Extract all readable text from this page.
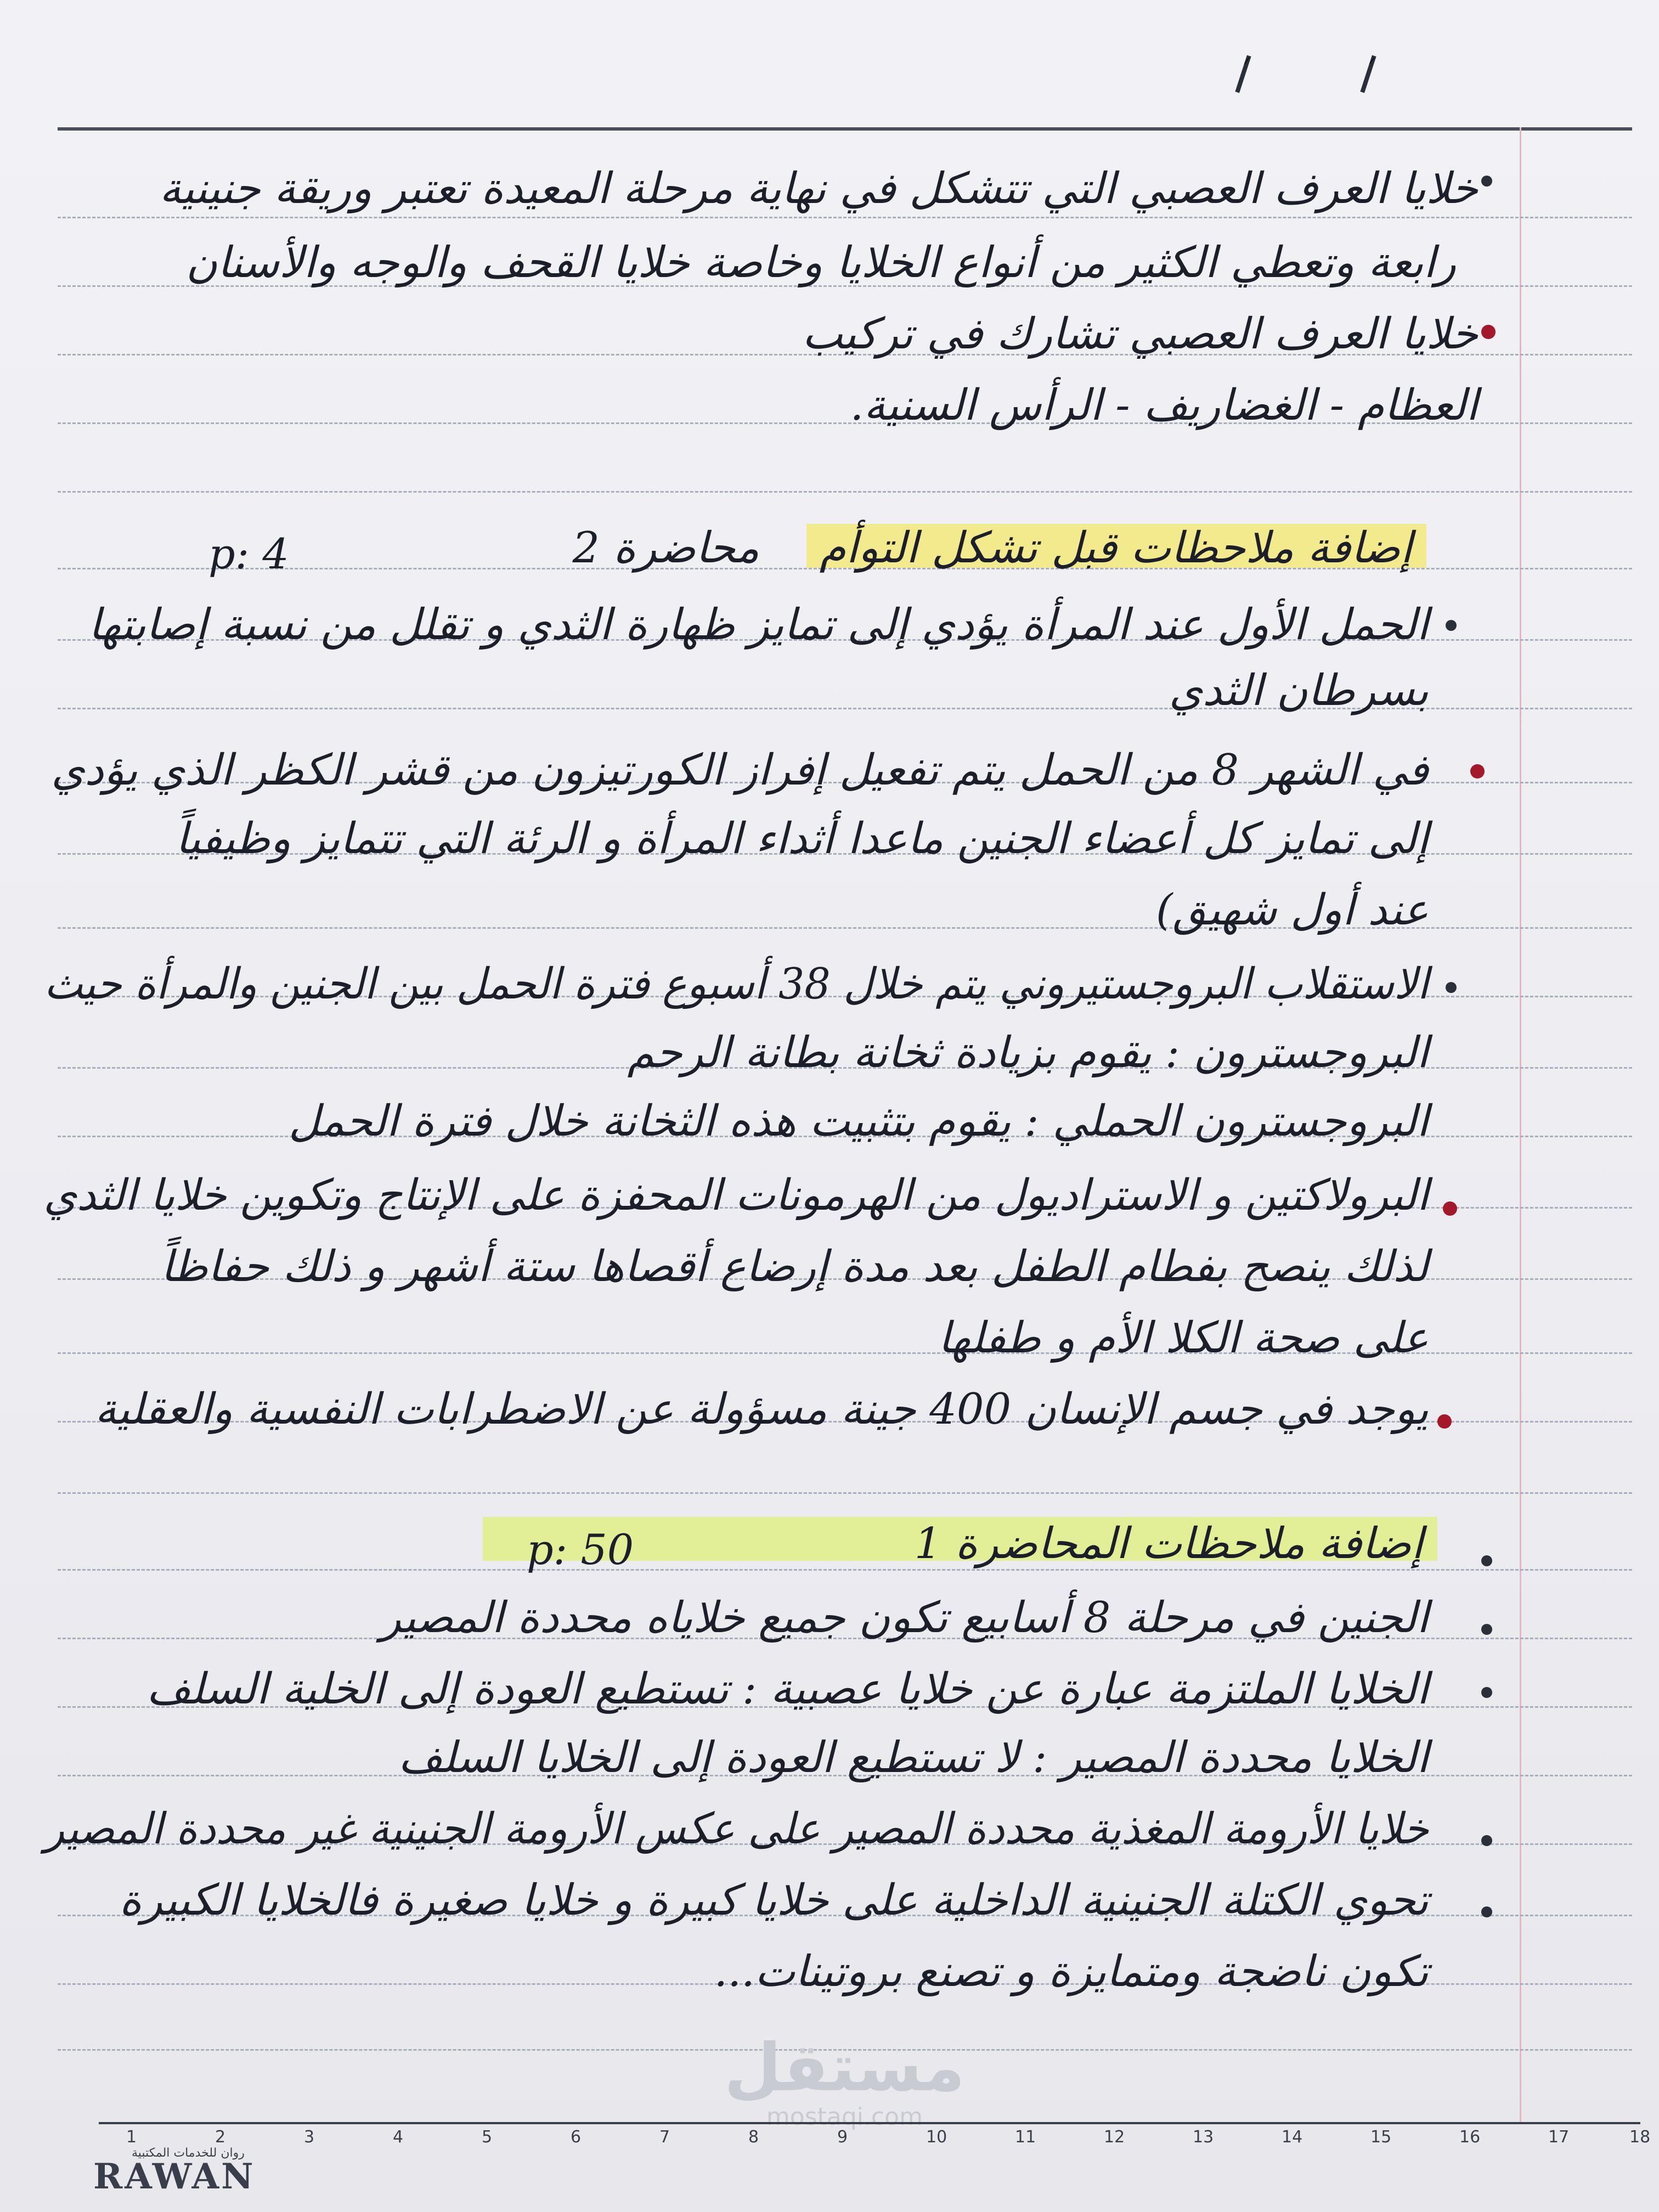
/	/
خلايا العرف العصبي التي تتشكل في نهاية مرحلة المعيدة تعتبر وريقة جنينية
رابعة وتعطي الكثير من أنواع الخلايا وخاصة خلايا القحف والوجه والأسنان
خلايا العرف العصبي تشارك في تركيب
العظام - الغضاريف - الرأس السنية.
إضافة ملاحظات قبل تشكل التوأم
محاضرة 2
p: 4
الحمل الأول عند المرأة يؤدي إلى تمايز ظهارة الثدي و تقلل من نسبة إصابتها
بسرطان الثدي
في الشهر 8 من الحمل يتم تفعيل إفراز الكورتيزون من قشر الكظر الذي يؤدي
إلى تمايز كل أعضاء الجنين ماعدا أثداء المرأة و الرئة التي تتمايز وظيفياً
عند أول شهيق)
الاستقلاب البروجستيروني يتم خلال 38 أسبوع فترة الحمل بين الجنين والمرأة حيث
البروجسترون : يقوم بزيادة ثخانة بطانة الرحم
البروجسترون الحملي : يقوم بتثبيت هذه الثخانة خلال فترة الحمل
البرولاكتين و الاستراديول من الهرمونات المحفزة على الإنتاج وتكوين خلايا الثدي
لذلك ينصح بفطام الطفل بعد مدة إرضاع أقصاها ستة أشهر و ذلك حفاظاً
على صحة الكلا الأم و طفلها
يوجد في جسم الإنسان 400 جينة مسؤولة عن الاضطرابات النفسية والعقلية
إضافة ملاحظات المحاضرة 1
p: 50
الجنين في مرحلة 8 أسابيع تكون جميع خلاياه محددة المصير
الخلايا الملتزمة عبارة عن خلايا عصبية : تستطيع العودة إلى الخلية السلف
الخلايا محددة المصير : لا تستطيع العودة إلى الخلايا السلف
خلايا الأرومة المغذية محددة المصير على عكس الأرومة الجنينية غير محددة المصير
تحوي الكتلة الجنينية الداخلية على خلايا كبيرة و خلايا صغيرة فالخلايا الكبيرة
تكون ناضجة ومتمايزة و تصنع بروتينات...
مستقل
mostaqi.com
1	2	3	4	5	6	7	8	9	10	11	12	13	14	15	16	17	18
روان للخدمات المكتبية
RAWAN
